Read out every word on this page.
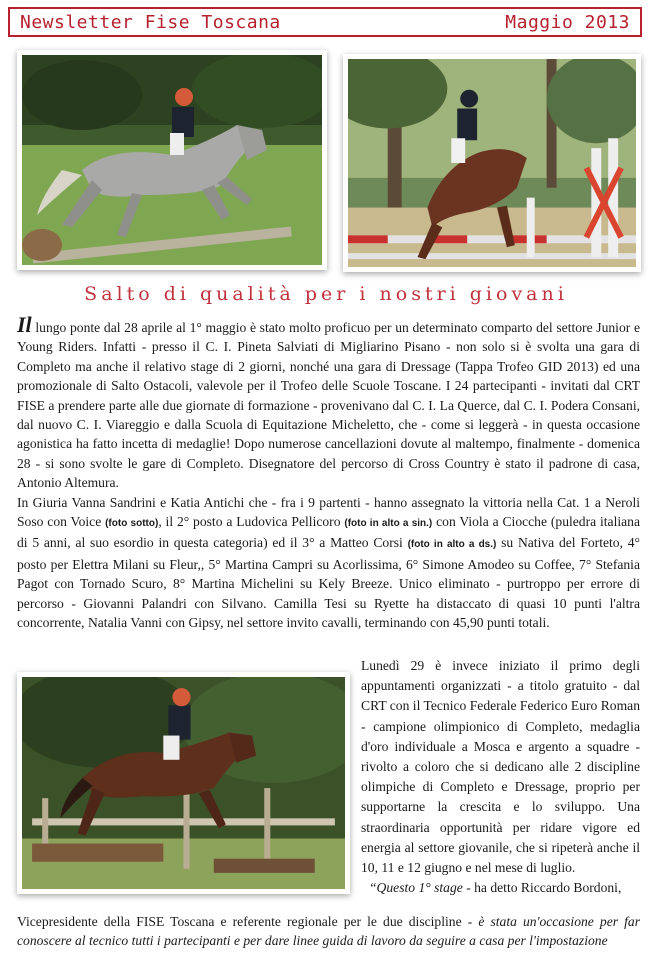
Newsletter Fise Toscana	Maggio 2013
Salto di qualità per i nostri giovani

Il lungo ponte dal 28 aprile al 1° maggio è stato molto proficuo per un determinato comparto del settore Junior e Young Riders. Infatti - presso il C. I. Pineta Salviati di Migliarino Pisano - non solo si è svolta una gara di Completo ma anche il relativo stage di 2 giorni, nonché una gara di Dressage (Tappa Trofeo GID 2013) ed una promozionale di Salto Ostacoli, valevole per il Trofeo delle Scuole Toscane. I 24 partecipanti - invitati dal CRT FISE a prendere parte alle due giornate di formazione - provenivano dal C. I. La Querce, dal C. I. Podera Consani, dal nuovo C. I. Viareggio e dalla Scuola di Equitazione Micheletto, che - come si leggerà - in questa occasione agonistica ha fatto incetta di medaglie! Dopo numerose cancellazioni dovute al maltempo, finalmente - domenica 28 - si sono svolte le gare di Completo. Disegnatore del percorso di Cross Country è stato il padrone di casa, Antonio Altemura.

In Giuria Vanna Sandrini e Katia Antichi che - fra i 9 partenti - hanno assegnato la vittoria nella Cat. 1 a Neroli Soso con Voice (foto sotto), il 2° posto a Ludovica Pellicoro (foto in alto a sin.) con Viola a Ciocche (puledra italiana di 5 anni, al suo esordio in questa categoria) ed il 3° a Matteo Corsi (foto in alto a ds.) su Nativa del Forteto, 4° posto per Elettra Milani su Fleur,, 5° Martina Campri su Acorlissima, 6° Simone Amodeo su Coffee, 7° Stefania Pagot con Tornado Scuro, 8° Martina Michelini su Kely Breeze. Unico eliminato - purtroppo per errore di percorso - Giovanni Palandri con Silvano. Camilla Tesi su Ryette ha distaccato di quasi 10 punti l'altra concorrente, Natalia Vanni con Gipsy, nel settore invito cavalli, terminando con 45,90 punti totali.

Lunedì 29 è invece iniziato il primo degli appuntamenti organizzati - a titolo gratuito - dal CRT con il Tecnico Federale Federico Euro Roman - campione olimpionico di Completo, medaglia d'oro individuale a Mosca e argento a squadre - rivolto a coloro che si dedicano alle 2 discipline olimpiche di Completo e Dressage, proprio per supportarne la crescita e lo sviluppo. Una straordinaria opportunità per ridare vigore ed energia al settore giovanile, che si ripeterà anche il 10, 11 e 12 giugno e nel mese di luglio.

“Questo 1° stage - ha detto Riccardo Bordoni,

Vicepresidente della FISE Toscana e referente regionale per le due discipline - è stata un'occasione per far conoscere al tecnico tutti i partecipanti e per dare linee guida di lavoro da seguire a casa per l'impostazione
